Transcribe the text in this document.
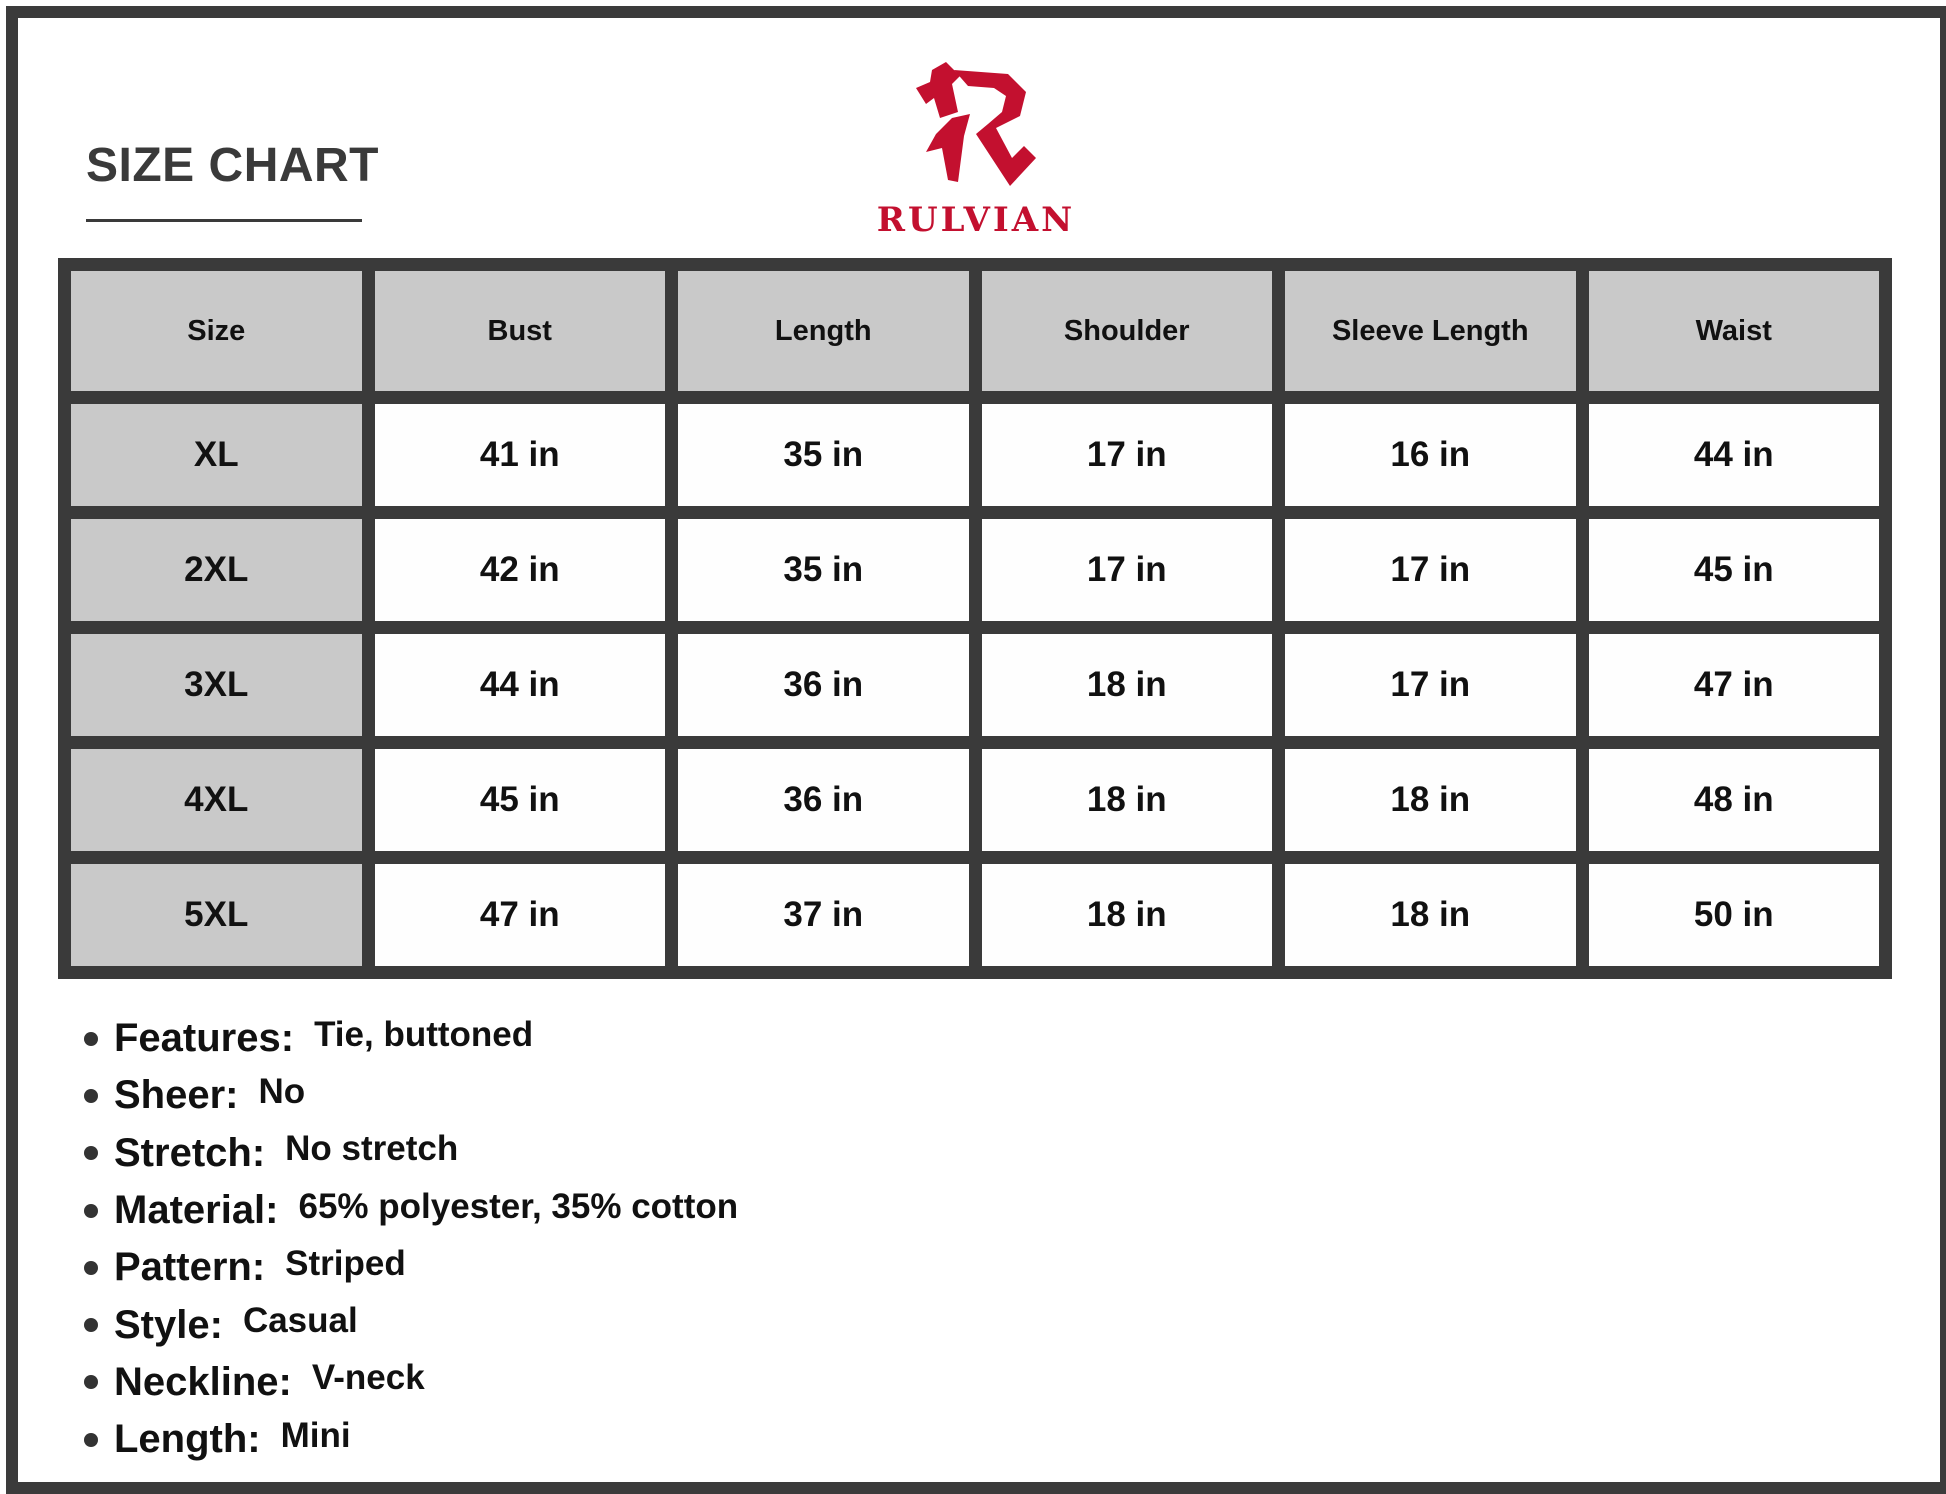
SIZE CHART
RULVIAN
Size	Bust	Length	Shoulder	Sleeve Length	Waist
XL	41 in	35 in	17 in	16 in	44 in
2XL	42 in	35 in	17 in	17 in	45 in
3XL	44 in	36 in	18 in	17 in	47 in
4XL	45 in	36 in	18 in	18 in	48 in
5XL	47 in	37 in	18 in	18 in	50 in
Features: Tie, buttoned
Sheer: No
Stretch: No stretch
Material: 65% polyester, 35% cotton
Pattern: Striped
Style: Casual
Neckline: V-neck
Length: Mini
